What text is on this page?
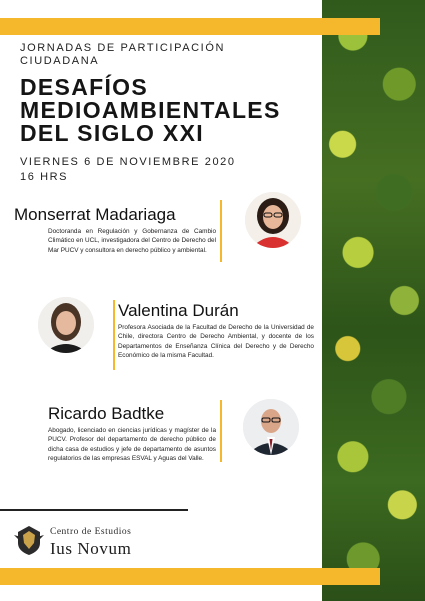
JORNADAS DE PARTICIPACIÓN
CIUDADANA
DESAFÍOS
MEDIOAMBIENTALES
DEL SIGLO XXI
VIERNES 6 DE NOVIEMBRE 2020
16 HRS
Monserrat Madariaga
Doctoranda en Regulación y Gobernanza de Cambio Climático en UCL, investigadora del Centro de Derecho del Mar PUCV y consultora en derecho público y ambiental.
Valentina Durán
Profesora Asociada de la Facultad de Derecho de la Universidad de Chile, directora Centro de Derecho Ambiental, y docente de los Departamentos de Enseñanza Clínica del Derecho y de Derecho Económico de la misma Facultad.
Ricardo Badtke
Abogado, licenciado en ciencias jurídicas y magíster de la PUCV. Profesor del departamento de derecho público de dicha casa de estudios y jefe de departamento de asuntos regulatorios de las empresas ESVAL y Aguas del Valle.
Centro de Estudios
Ius Novum
